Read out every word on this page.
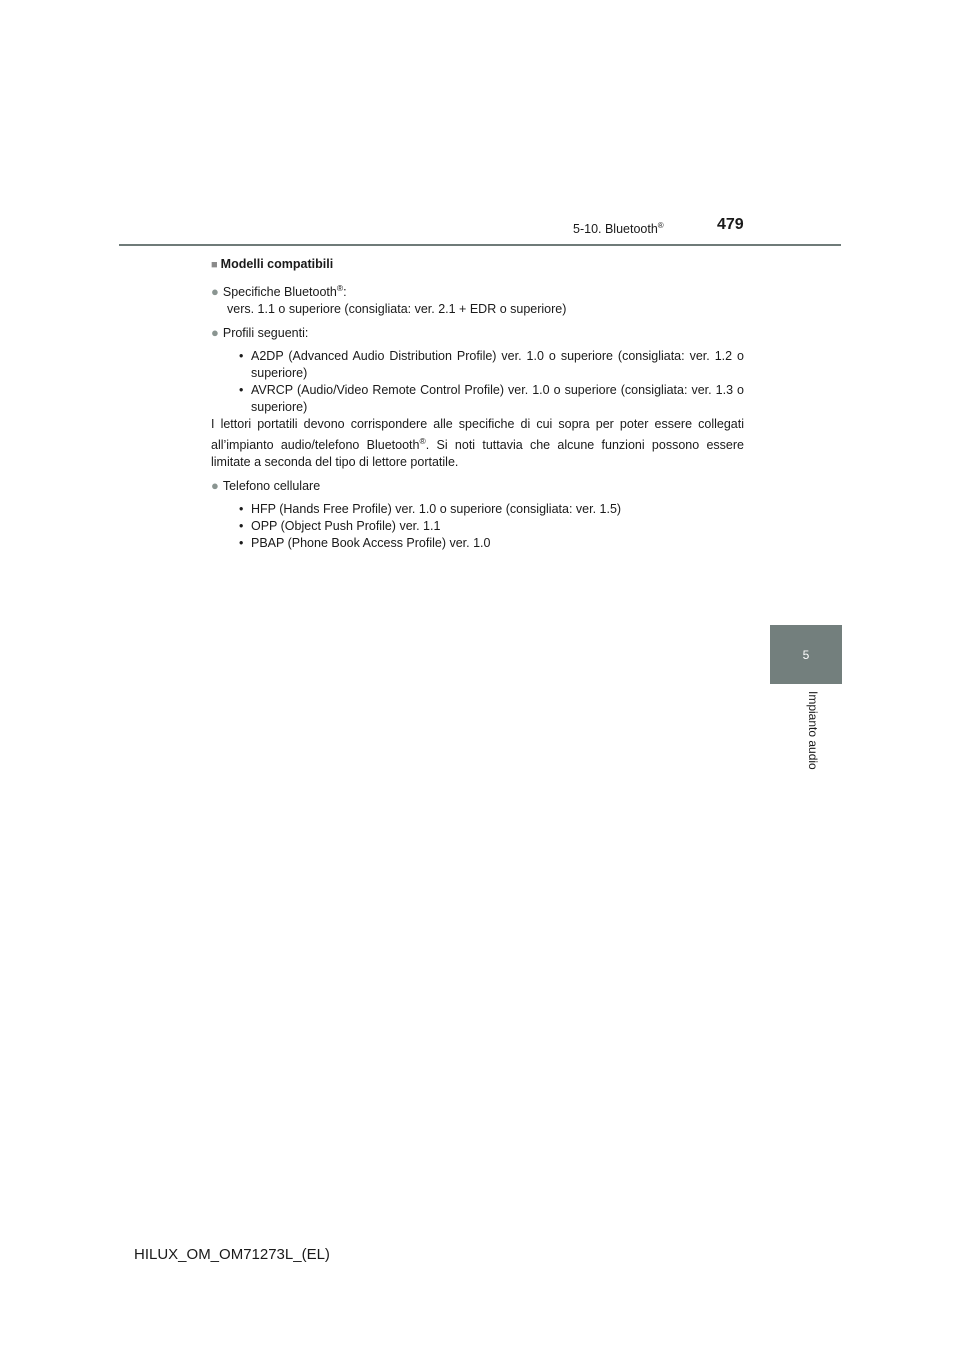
5-10. Bluetooth®	479
5
Impianto audio
■ Modelli compatibili
● Specifiche Bluetooth®:
vers. 1.1 o superiore (consigliata: ver. 2.1 + EDR o superiore)
● Profili seguenti:
• A2DP (Advanced Audio Distribution Profile) ver. 1.0 o superiore (consigliata: ver. 1.2 o superiore)
• AVRCP (Audio/Video Remote Control Profile) ver. 1.0 o superiore (consigliata: ver. 1.3 o superiore)
I lettori portatili devono corrispondere alle specifiche di cui sopra per poter essere collegati all’impianto audio/telefono Bluetooth®. Si noti tuttavia che alcune funzioni possono essere limitate a seconda del tipo di lettore portatile.
● Telefono cellulare
• HFP (Hands Free Profile) ver. 1.0 o superiore (consigliata: ver. 1.5)
• OPP (Object Push Profile) ver. 1.1
• PBAP (Phone Book Access Profile) ver. 1.0
HILUX_OM_OM71273L_(EL)
